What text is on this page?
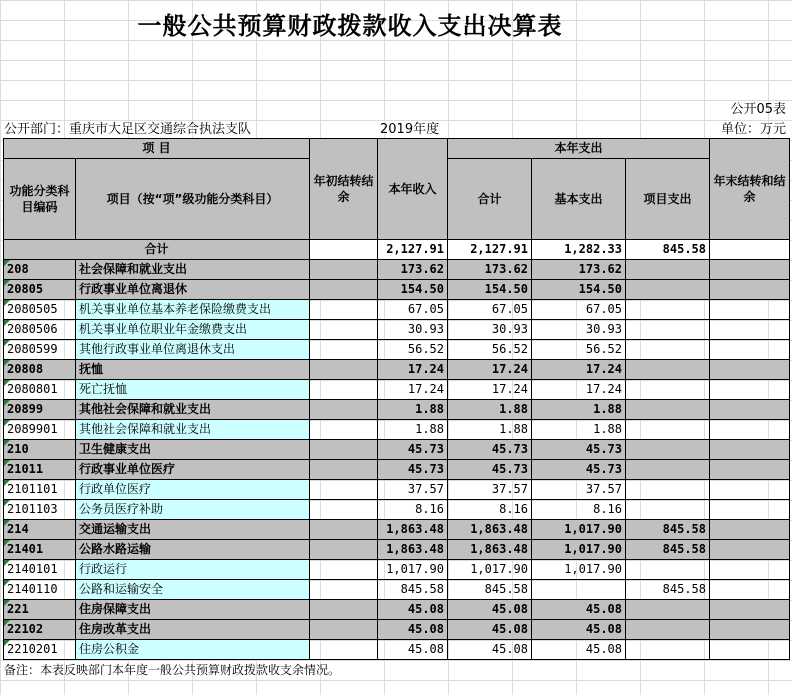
一般公共预算财政拨款收入支出决算表
公开05表
公开部门：重庆市大足区交通综合执法支队	2019年度	单位：万元
项 目		年初结转结余	本年收入	本年支出			年末结转和结余
功能分类科目编码	项目（按“项”级功能分类科目）			合计	基本支出	项目支出	
合计			2,127.91	2,127.91	1,282.33	845.58	
208	社会保障和就业支出		173.62	173.62	173.62		
20805	行政事业单位离退休		154.50	154.50	154.50		
2080505	机关事业单位基本养老保险缴费支出		67.05	67.05	67.05		
2080506	机关事业单位职业年金缴费支出		30.93	30.93	30.93		
2080599	其他行政事业单位离退休支出		56.52	56.52	56.52		
20808	抚恤		17.24	17.24	17.24		
2080801	死亡抚恤		17.24	17.24	17.24		
20899	其他社会保障和就业支出		1.88	1.88	1.88		
2089901	其他社会保障和就业支出		1.88	1.88	1.88		
210	卫生健康支出		45.73	45.73	45.73		
21011	行政事业单位医疗		45.73	45.73	45.73		
2101101	行政单位医疗		37.57	37.57	37.57		
2101103	公务员医疗补助		8.16	8.16	8.16		
214	交通运输支出		1,863.48	1,863.48	1,017.90	845.58	
21401	公路水路运输		1,863.48	1,863.48	1,017.90	845.58	
2140101	行政运行		1,017.90	1,017.90	1,017.90		
2140110	公路和运输安全		845.58	845.58		845.58	
221	住房保障支出		45.08	45.08	45.08		
22102	住房改革支出		45.08	45.08	45.08		
2210201	住房公积金		45.08	45.08	45.08		
备注：本表反映部门本年度一般公共预算财政拨款收支余情况。
